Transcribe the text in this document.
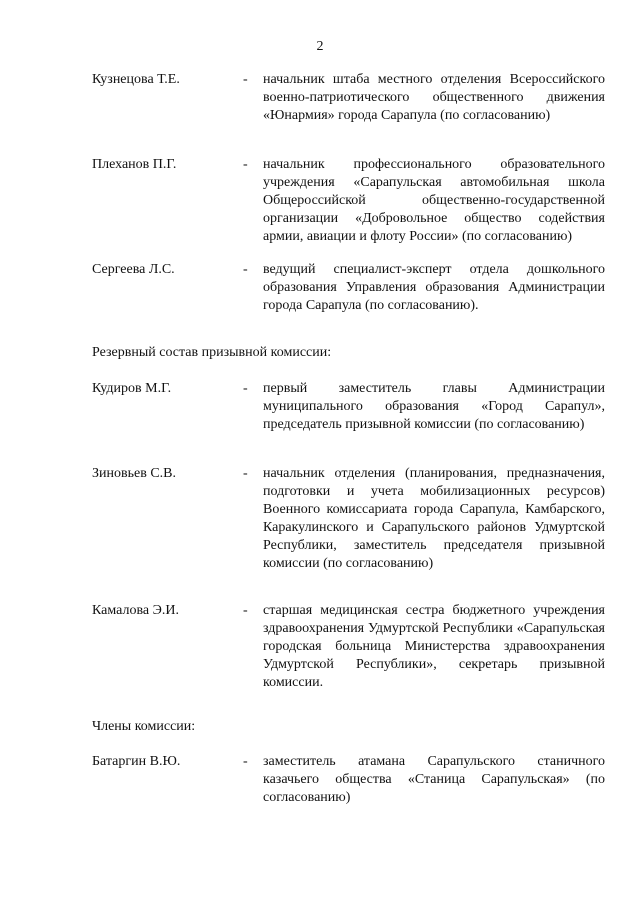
2
Кузнецова Т.Е.	- начальник штаба местного отделения Всероссийского военно-патриотического общественного движения «Юнармия» города Сарапула (по согласованию)
Плеханов П.Г.	- начальник профессионального образовательного учреждения «Сарапульская автомобильная школа Общероссийской общественно-государственной организации «Добровольное общество содействия армии, авиации и флоту России» (по согласованию)
Сергеева Л.С.	- ведущий специалист-эксперт отдела дошкольного образования Управления образования Администрации города Сарапула (по согласованию).
Резервный состав призывной комиссии:
Кудиров М.Г.	- первый заместитель главы Администрации муниципального образования «Город Сарапул», председатель призывной комиссии (по согласованию)
Зиновьев С.В.	- начальник отделения (планирования, предназначения, подготовки и учета мобилизационных ресурсов) Военного комиссариата города Сарапула, Камбарского, Каракулинского и Сарапульского районов Удмуртской Республики, заместитель председателя призывной комиссии (по согласованию)
Камалова Э.И.	- старшая медицинская сестра бюджетного учреждения здравоохранения Удмуртской Республики «Сарапульская городская больница Министерства здравоохранения Удмуртской Республики», секретарь призывной комиссии.
Члены комиссии:
Батаргин В.Ю.	- заместитель атамана Сарапульского станичного казачьего общества «Станица Сарапульская» (по согласованию)
